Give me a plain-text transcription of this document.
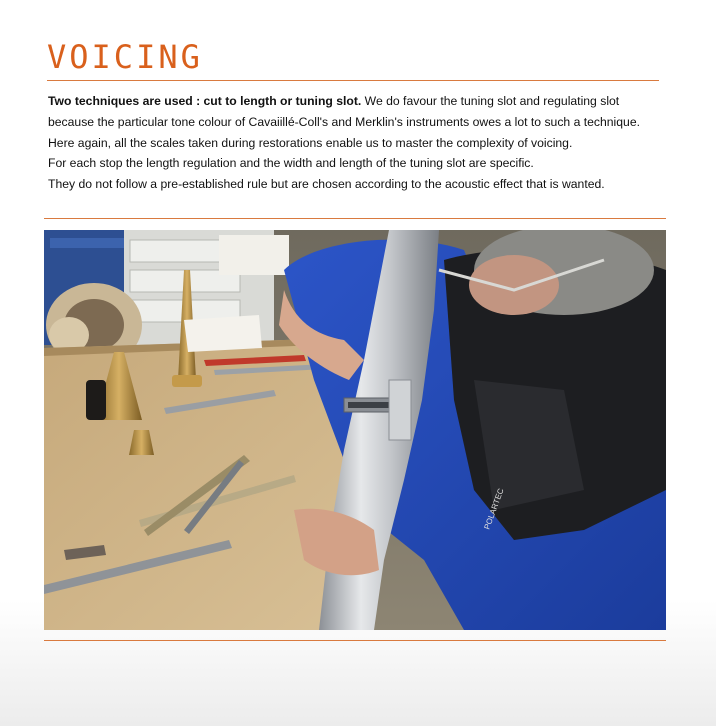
VOICING

Two techniques are used : cut to length or tuning slot. We do favour the tuning slot and regulating slot
because the particular tone colour of Cavaiillé-Coll's and Merklin's instruments owes a lot to such a technique.
Here again, all the scales taken during restorations enable us to master the complexity of voicing.
For each stop the length regulation and the width and length of the tuning slot are specific.
They do not follow a pre-established rule but are chosen according to the acoustic effect that is wanted.

POLARTEC
